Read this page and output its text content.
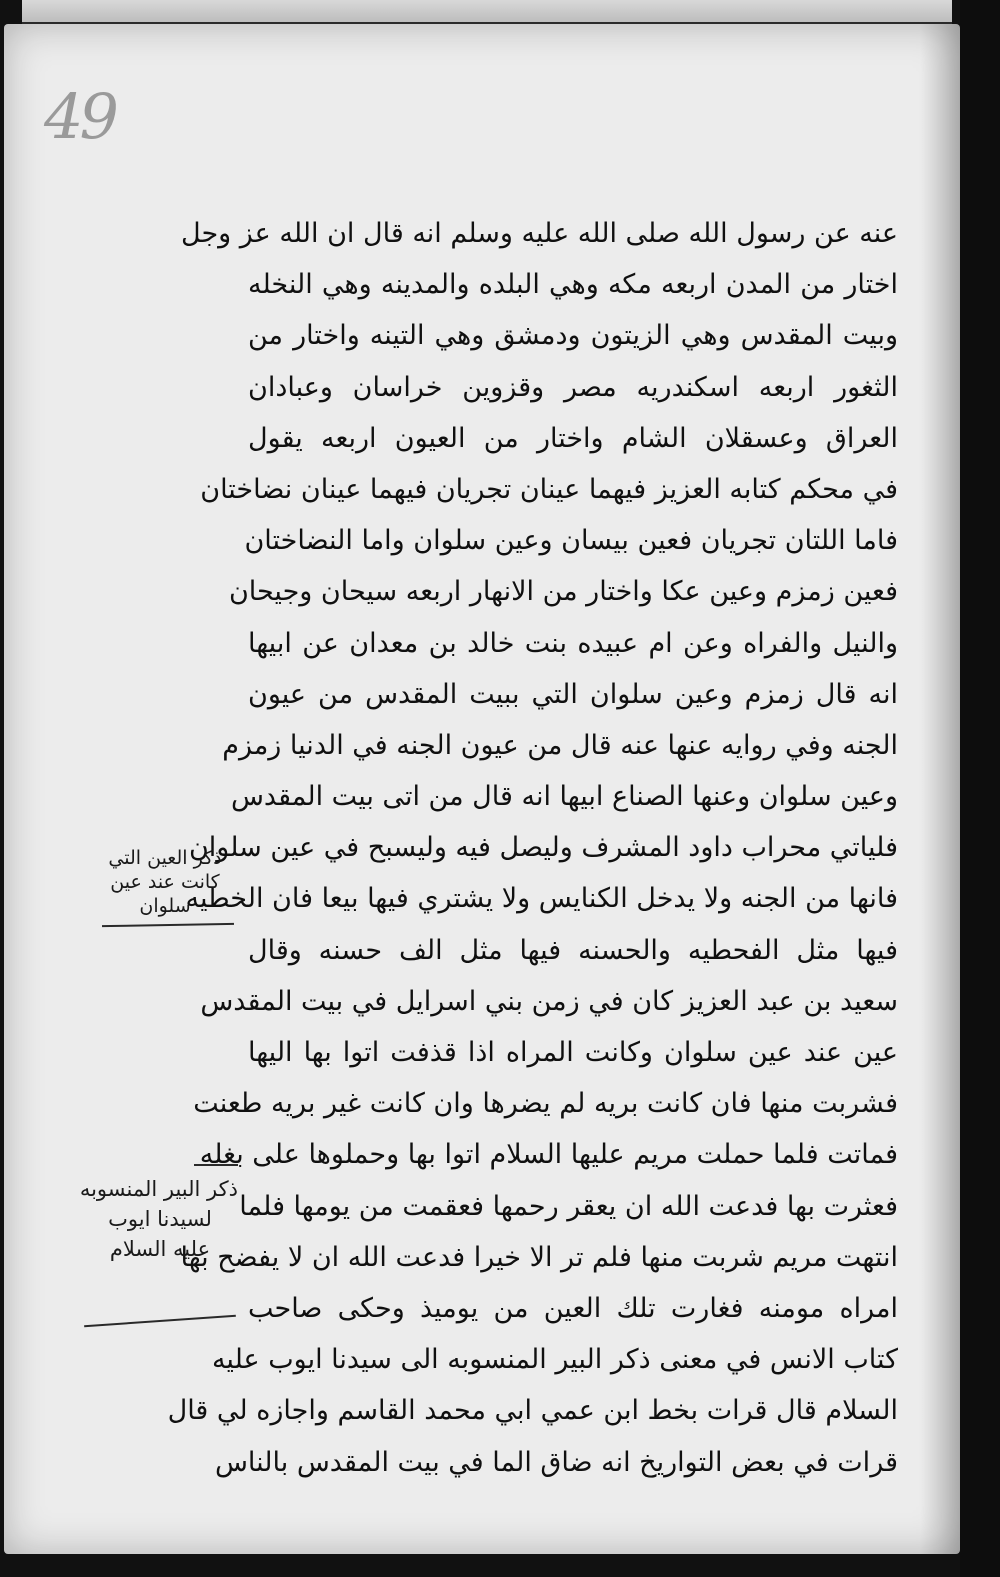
49
عنه عن رسول الله صلى الله عليه وسلم انه قال ان الله عز وجل
اختار من المدن اربعه مكه وهي البلده والمدينه وهي النخله
وبيت المقدس وهي الزيتون ودمشق وهي التينه واختار من
الثغور اربعه اسكندريه مصر وقزوين خراسان وعبادان
العراق وعسقلان الشام واختار من العيون اربعه يقول
في محكم كتابه العزيز فيهما عينان تجريان فيهما عينان نضاختان
فاما اللتان تجريان فعين بيسان وعين سلوان واما النضاختان
فعين زمزم وعين عكا واختار من الانهار اربعه سيحان وجيحان
والنيل والفراه وعن ام عبيده بنت خالد بن معدان عن ابيها
انه قال زمزم وعين سلوان التي ببيت المقدس من عيون
الجنه وفي روايه عنها عنه قال من عيون الجنه في الدنيا زمزم
وعين سلوان وعنها الصناع ابيها انه قال من اتى بيت المقدس
فلياتي محراب داود المشرف وليصل فيه وليسبح في عين سلوان
فانها من الجنه ولا يدخل الكنايس ولا يشتري فيها بيعا فان الخطيه
فيها مثل الفحطيه والحسنه فيها مثل الف حسنه وقال
سعيد بن عبد العزيز كان في زمن بني اسرايل في بيت المقدس
عين عند عين سلوان وكانت المراه اذا قذفت اتوا بها اليها
فشربت منها فان كانت بريه لم يضرها وان كانت غير بريه طعنت
فماتت فلما حملت مريم عليها السلام اتوا بها وحملوها على بغله
فعثرت بها فدعت الله ان يعقر رحمها فعقمت من يومها فلما
انتهت مريم شربت منها فلم تر الا خيرا فدعت الله ان لا يفضح بها
امراه مومنه فغارت تلك العين من يوميذ وحكى صاحب
كتاب الانس في معنى ذكر البير المنسوبه الى سيدنا ايوب عليه
السلام قال قرات بخط ابن عمي ابي محمد القاسم واجازه لي قال
قرات في بعض التواريخ انه ضاق الما في بيت المقدس بالناس
ذكر العين التي
كانت عند عين
سلوان
ذكر البير المنسوبه
لسيدنا ايوب
عليه السلام
